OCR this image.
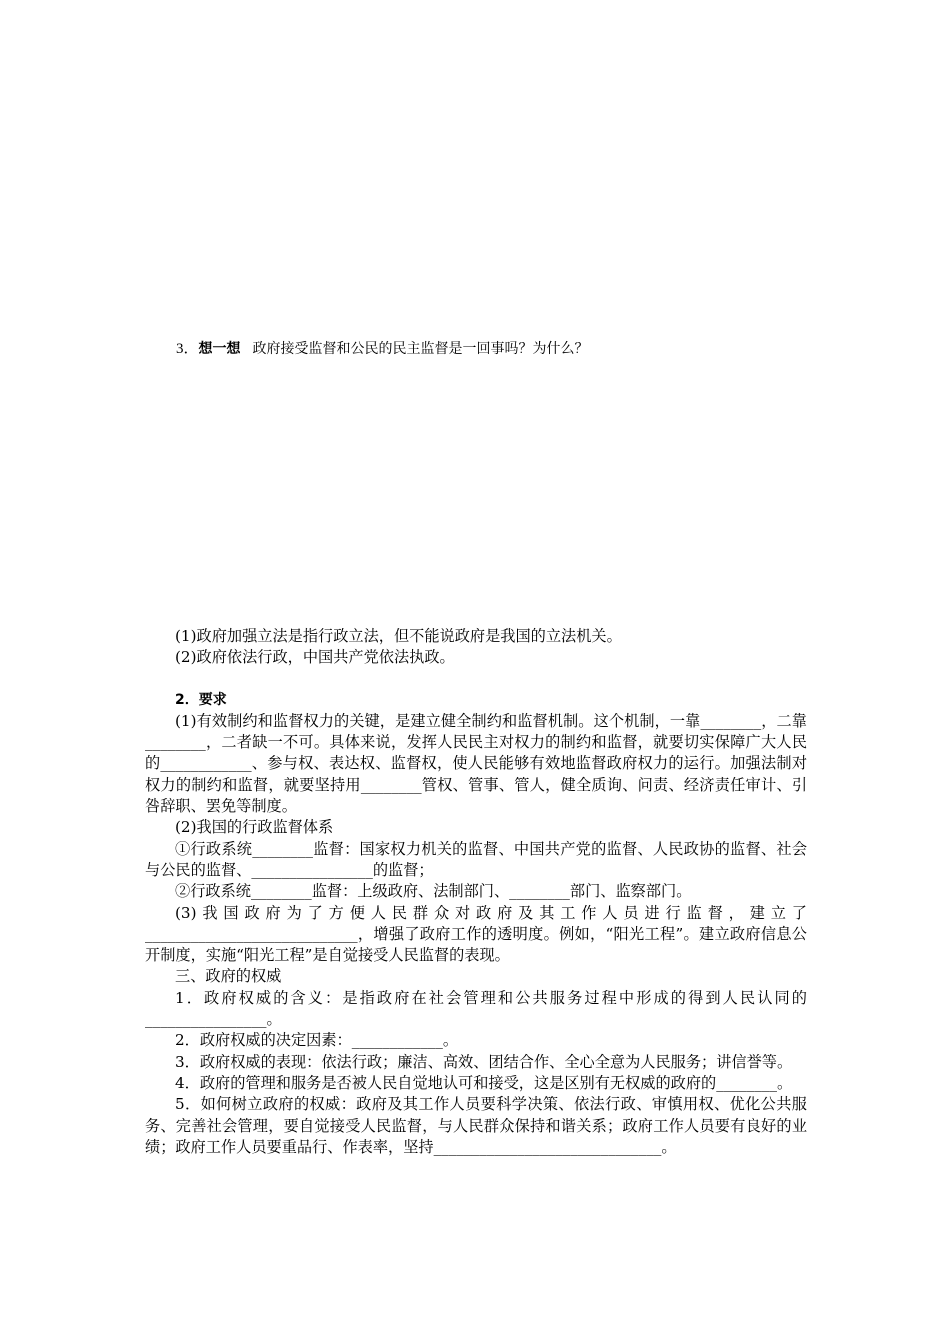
3．想一想 政府接受监督和公民的民主监督是一回事吗？为什么？

(1)政府加强立法是指行政立法，但不能说政府是我国的立法机关。

(2)政府依法行政，中国共产党依法执政。

2．要求

(1)有效制约和监督权力的关键，是建立健全制约和监督机制。这个机制，一靠________，二靠________，二者缺一不可。具体来说，发挥人民民主对权力的制约和监督，就要切实保障广大人民的____________、参与权、表达权、监督权，使人民能够有效地监督政府权力的运行。加强法制对权力的制约和监督，就要坚持用________管权、管事、管人，健全质询、问责、经济责任审计、引咎辞职、罢免等制度。

(2)我国的行政监督体系

①行政系统________监督：国家权力机关的监督、中国共产党的监督、人民政协的监督、社会与公民的监督、________________的监督；

②行政系统________监督：上级政府、法制部门、________部门、监察部门。

(3)我国政府为了方便人民群众对政府及其工作人员进行监督，建立了____________________________，增强了政府工作的透明度。例如，“阳光工程”。建立政府信息公开制度，实施“阳光工程”是自觉接受人民监督的表现。

三、政府的权威

1．政府权威的含义：是指政府在社会管理和公共服务过程中形成的得到人民认同的________________。

2．政府权威的决定因素：____________。

3．政府权威的表现：依法行政；廉洁、高效、团结合作、全心全意为人民服务；讲信誉等。

4．政府的管理和服务是否被人民自觉地认可和接受，这是区别有无权威的政府的________。

5．如何树立政府的权威：政府及其工作人员要科学决策、依法行政、审慎用权、优化公共服务、完善社会管理，要自觉接受人民监督，与人民群众保持和谐关系；政府工作人员要有良好的业绩；政府工作人员要重品行、作表率，坚持______________________________。
